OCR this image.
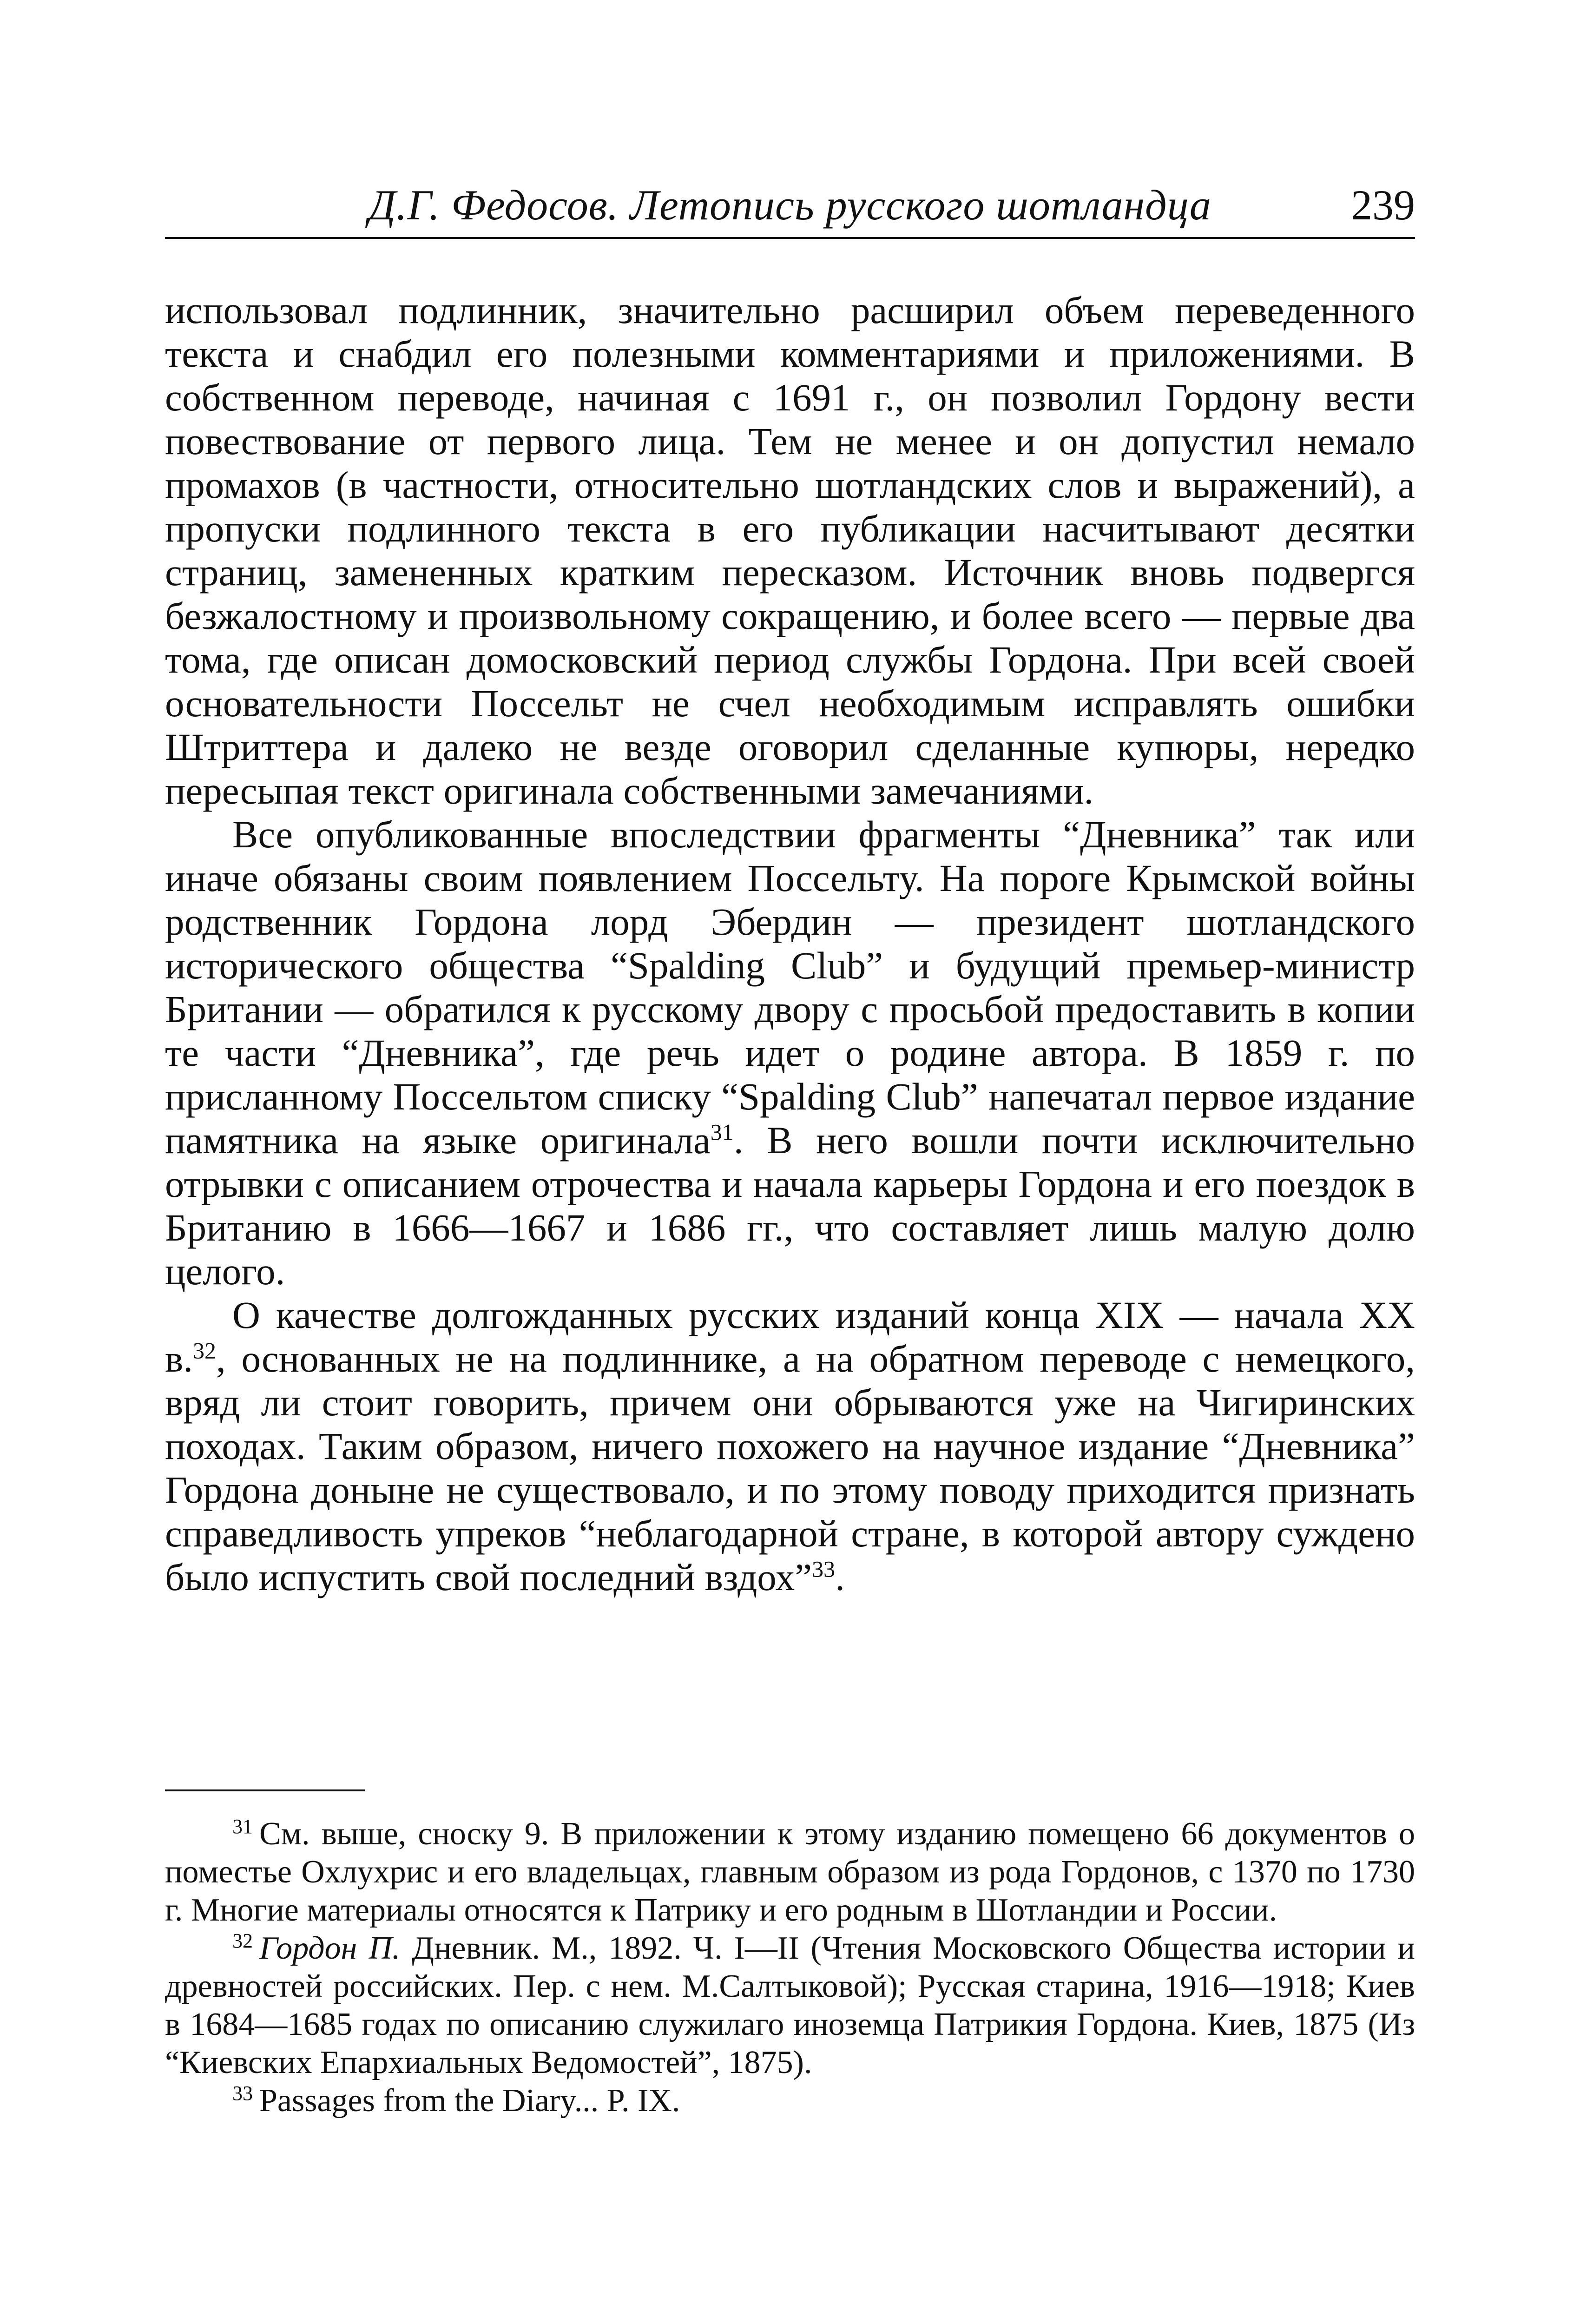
Д.Г. Федосов. Летопись русского шотландца	239

использовал подлинник, значительно расширил объем переведенного текста и снабдил его полезными комментариями и приложениями. В собственном переводе, начиная с 1691 г., он позволил Гордону вести повествование от первого лица. Тем не менее и он допустил немало промахов (в частности, относительно шотландских слов и выражений), а пропуски подлинного текста в его публикации насчитывают десятки страниц, замененных кратким пересказом. Источник вновь подвергся безжалостному и произвольному сокращению, и более всего — первые два тома, где описан домосковский период службы Гордона. При всей своей основательности Поссельт не счел необходимым исправлять ошибки Штриттера и далеко не везде оговорил сделанные купюры, нередко пересыпая текст оригинала собственными замечаниями.

Все опубликованные впоследствии фрагменты “Дневника” так или иначе обязаны своим появлением Поссельту. На пороге Крымской войны родственник Гордона лорд Эбердин — президент шотландского исторического общества “Spalding Club” и будущий премьер-министр Британии — обратился к русскому двору с просьбой предоставить в копии те части “Дневника”, где речь идет о родине автора. В 1859 г. по присланному Поссельтом списку “Spalding Club” напечатал первое издание памятника на языке оригинала$^{31}$. В него вошли почти исключительно отрывки с описанием отрочества и начала карьеры Гордона и его поездок в Британию в 1666—1667 и 1686 гг., что составляет лишь малую долю целого.

О качестве долгожданных русских изданий конца XIX — начала XX в.$^{32}$, основанных не на подлиннике, а на обратном переводе с немецкого, вряд ли стоит говорить, причем они обрываются уже на Чигиринских походах. Таким образом, ничего похожего на научное издание “Дневника” Гордона доныне не существовало, и по этому поводу приходится признать справедливость упреков “неблагодарной стране, в которой автору суждено было испустить свой последний вздох”$^{33}$.

$^{31}$ См. выше, сноску 9. В приложении к этому изданию помещено 66 документов о поместье Охлухрис и его владельцах, главным образом из рода Гордонов, с 1370 по 1730 г. Многие материалы относятся к Патрику и его родным в Шотландии и России.

$^{32}$ Гордон П. Дневник. М., 1892. Ч. I—II (Чтения Московского Общества истории и древностей российских. Пер. с нем. М.Салтыковой); Русская старина, 1916—1918; Киев в 1684—1685 годах по описанию служилаго иноземца Патрикия Гордона. Киев, 1875 (Из “Киевских Епархиальных Ведомостей”, 1875).

$^{33}$ Passages from the Diary... P. IX.
